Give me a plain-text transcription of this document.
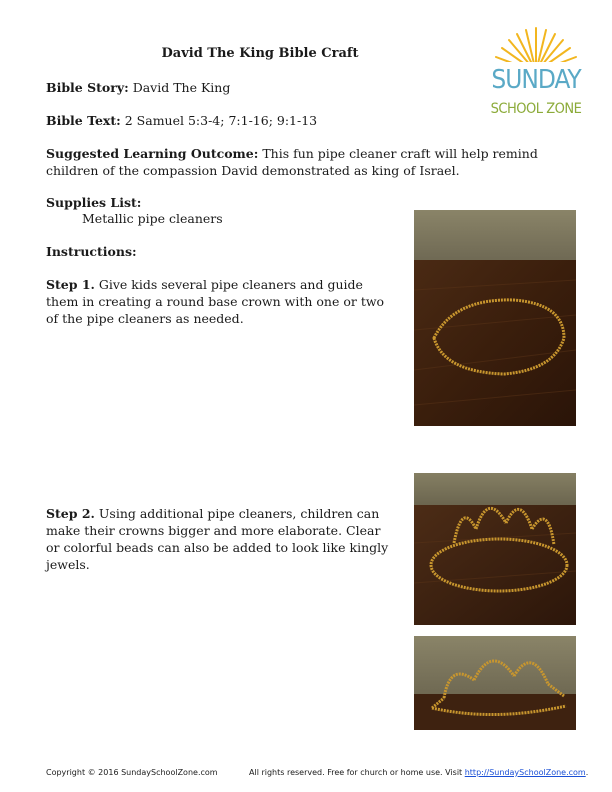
David The King Bible Craft
SUNDAY
SCHOOL ZONE
Bible Story: David The King
Bible Text: 2 Samuel 5:3-4; 7:1-16; 9:1-13
Suggested Learning Outcome: This fun pipe cleaner craft will help remind children of the compassion David demonstrated as king of Israel.
Supplies List:
Metallic pipe cleaners
Instructions:
Step 1. Give kids several pipe cleaners and guide them in creating a round base crown with one or two of the pipe cleaners as needed.
Step 2. Using additional pipe cleaners, children can make their crowns bigger and more elaborate. Clear or colorful beads can also be added to look like kingly jewels.
Copyright © 2016 SundaySchoolZone.com	All rights reserved. Free for church or home use. Visit http://SundaySchoolZone.com.
